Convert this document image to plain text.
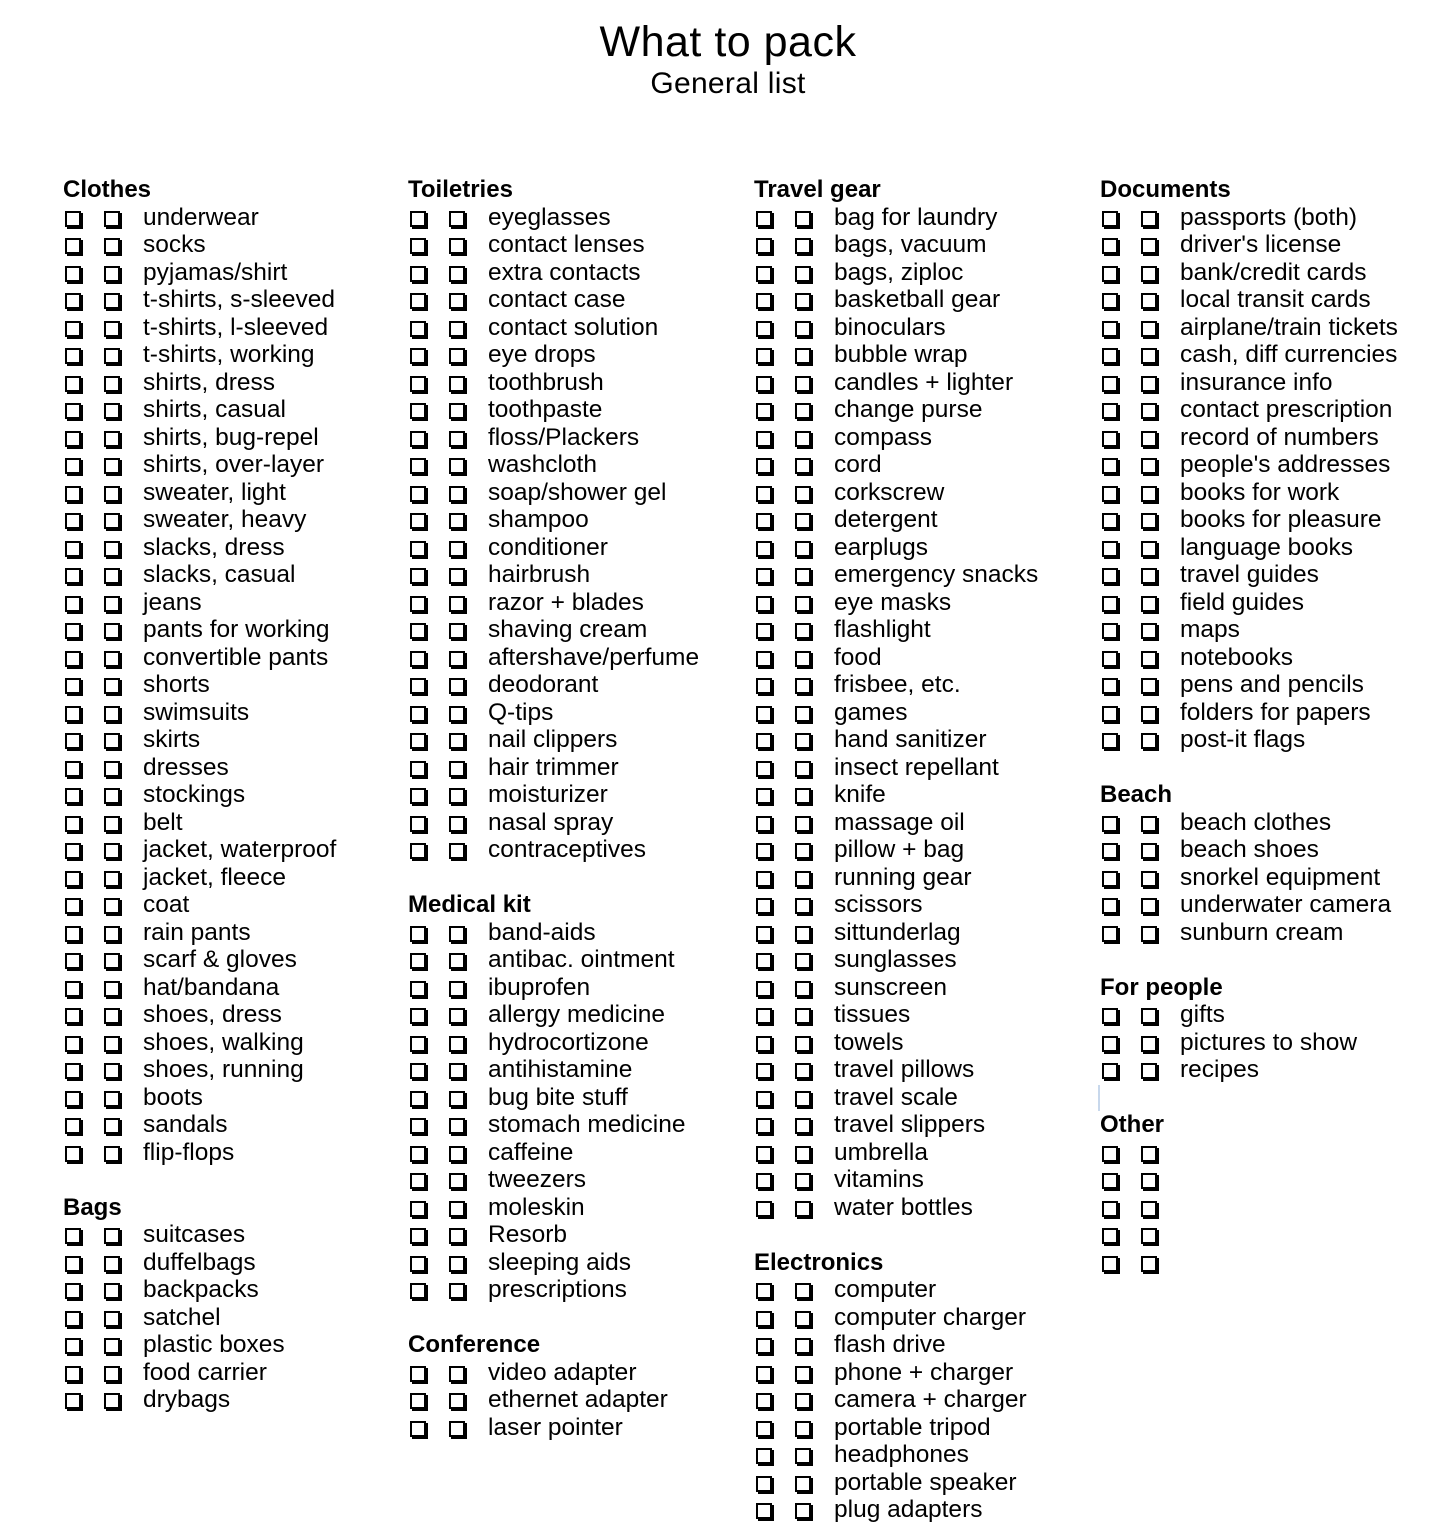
What to pack
General list
Clothes
underwear
socks
pyjamas/shirt
t-shirts, s-sleeved
t-shirts, l-sleeved
t-shirts, working
shirts, dress
shirts, casual
shirts, bug-repel
shirts, over-layer
sweater, light
sweater, heavy
slacks, dress
slacks, casual
jeans
pants for working
convertible pants
shorts
swimsuits
skirts
dresses
stockings
belt
jacket, waterproof
jacket, fleece
coat
rain pants
scarf & gloves
hat/bandana
shoes, dress
shoes, walking
shoes, running
boots
sandals
flip-flops
Bags
suitcases
duffelbags
backpacks
satchel
plastic boxes
food carrier
drybags
Toiletries
eyeglasses
contact lenses
extra contacts
contact case
contact solution
eye drops
toothbrush
toothpaste
floss/Plackers
washcloth
soap/shower gel
shampoo
conditioner
hairbrush
razor + blades
shaving cream
aftershave/perfume
deodorant
Q-tips
nail clippers
hair trimmer
moisturizer
nasal spray
contraceptives
Medical kit
band-aids
antibac. ointment
ibuprofen
allergy medicine
hydrocortizone
antihistamine
bug bite stuff
stomach medicine
caffeine
tweezers
moleskin
Resorb
sleeping aids
prescriptions
Conference
video adapter
ethernet adapter
laser pointer
Travel gear
bag for laundry
bags, vacuum
bags, ziploc
basketball gear
binoculars
bubble wrap
candles + lighter
change purse
compass
cord
corkscrew
detergent
earplugs
emergency snacks
eye masks
flashlight
food
frisbee, etc.
games
hand sanitizer
insect repellant
knife
massage oil
pillow + bag
running gear
scissors
sittunderlag
sunglasses
sunscreen
tissues
towels
travel pillows
travel scale
travel slippers
umbrella
vitamins
water bottles
Electronics
computer
computer charger
flash drive
phone + charger
camera + charger
portable tripod
headphones
portable speaker
plug adapters
Documents
passports (both)
driver's license
bank/credit cards
local transit cards
airplane/train tickets
cash, diff currencies
insurance info
contact prescription
record of numbers
people's addresses
books for work
books for pleasure
language books
travel guides
field guides
maps
notebooks
pens and pencils
folders for papers
post-it flags
Beach
beach clothes
beach shoes
snorkel equipment
underwater camera
sunburn cream
For people
gifts
pictures to show
recipes
Other
